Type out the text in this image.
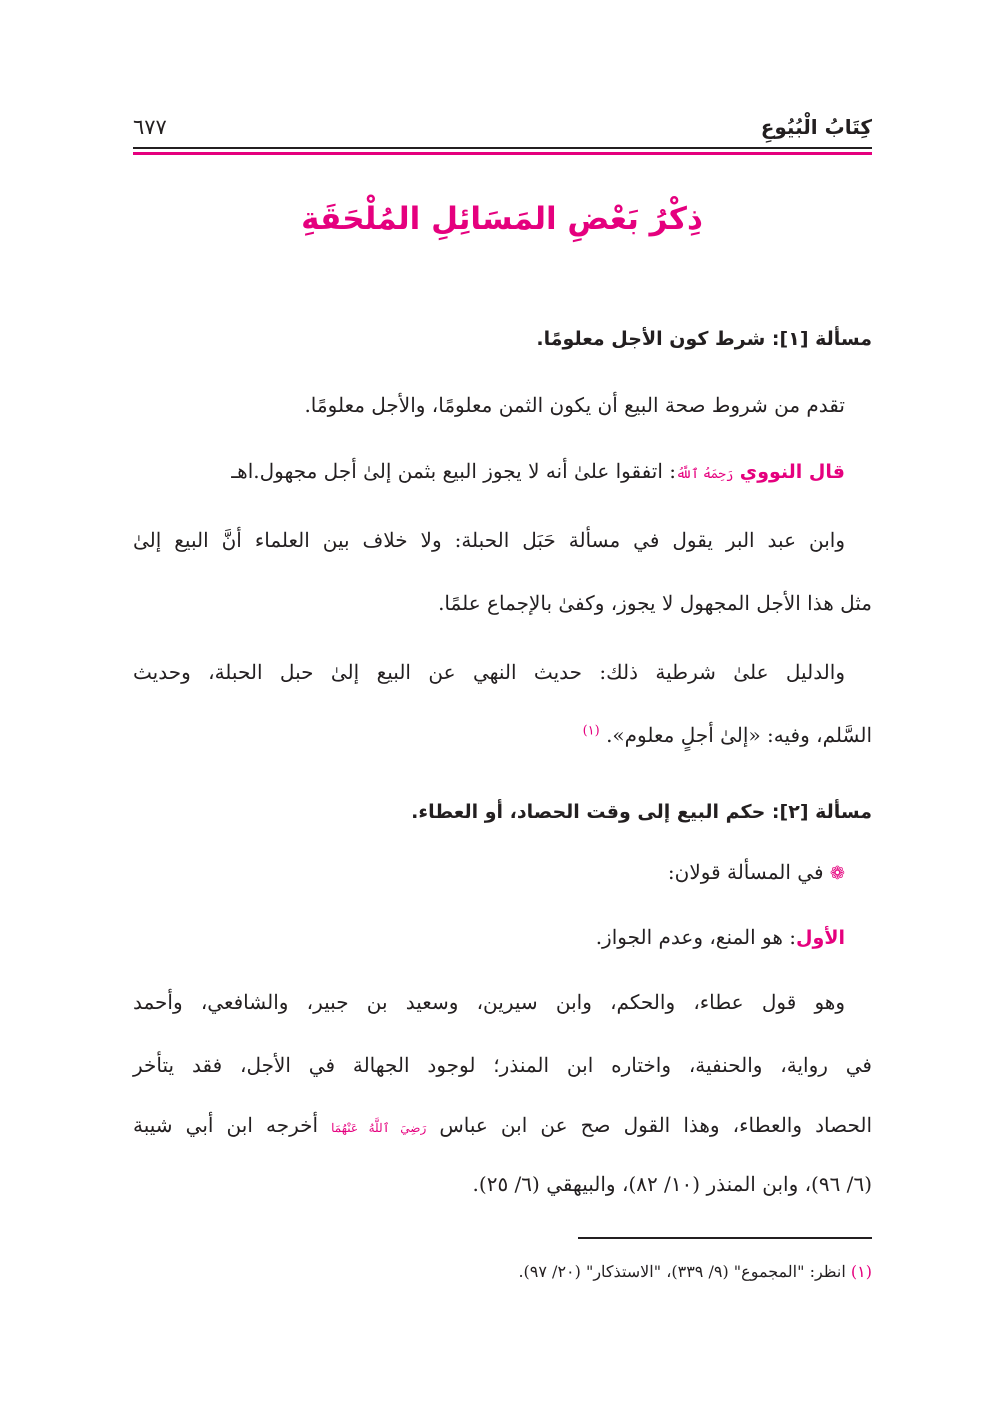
كِتَابُ الْبُيُوعِ
٦٧٧
ذِكْرُ بَعْضِ المَسَائِلِ المُلْحَقَةِ
مسألة [١]: شرط كون الأجل معلومًا.
تقدم من شروط صحة البيع أن يكون الثمن معلومًا، والأجل معلومًا.
قال النووي رَحِمَهُ ٱللَّهُ: اتفقوا علىٰ أنه لا يجوز البيع بثمن إلىٰ أجل مجهول.اهـ
وابن عبد البر يقول في مسألة حَبَل الحبلة: ولا خلاف بين العلماء أنَّ البيع إلىٰ
مثل هذا الأجل المجهول لا يجوز، وكفىٰ بالإجماع علمًا.
والدليل علىٰ شرطية ذلك: حديث النهي عن البيع إلىٰ حبل الحبلة، وحديث
السَّلم، وفيه: «إلىٰ أجلٍ معلوم». $^{(١)}$
مسألة [٢]: حكم البيع إلى وقت الحصاد، أو العطاء.
❁ في المسألة قولان:
الأول: هو المنع، وعدم الجواز.
وهو قول عطاء، والحكم، وابن سيرين، وسعيد بن جبير، والشافعي، وأحمد
في رواية، والحنفية، واختاره ابن المنذر؛ لوجود الجهالة في الأجل، فقد يتأخر
الحصاد والعطاء، وهذا القول صح عن ابن عباس رَضِيَ ٱللَّهُ عَنْهُمَا أخرجه ابن أبي شيبة
(٦/ ٩٦)، وابن المنذر (١٠/ ٨٢)، والبيهقي (٦/ ٢٥).
(١) انظر: "المجموع" (٩/ ٣٣٩)، "الاستذكار" (٢٠/ ٩٧).
